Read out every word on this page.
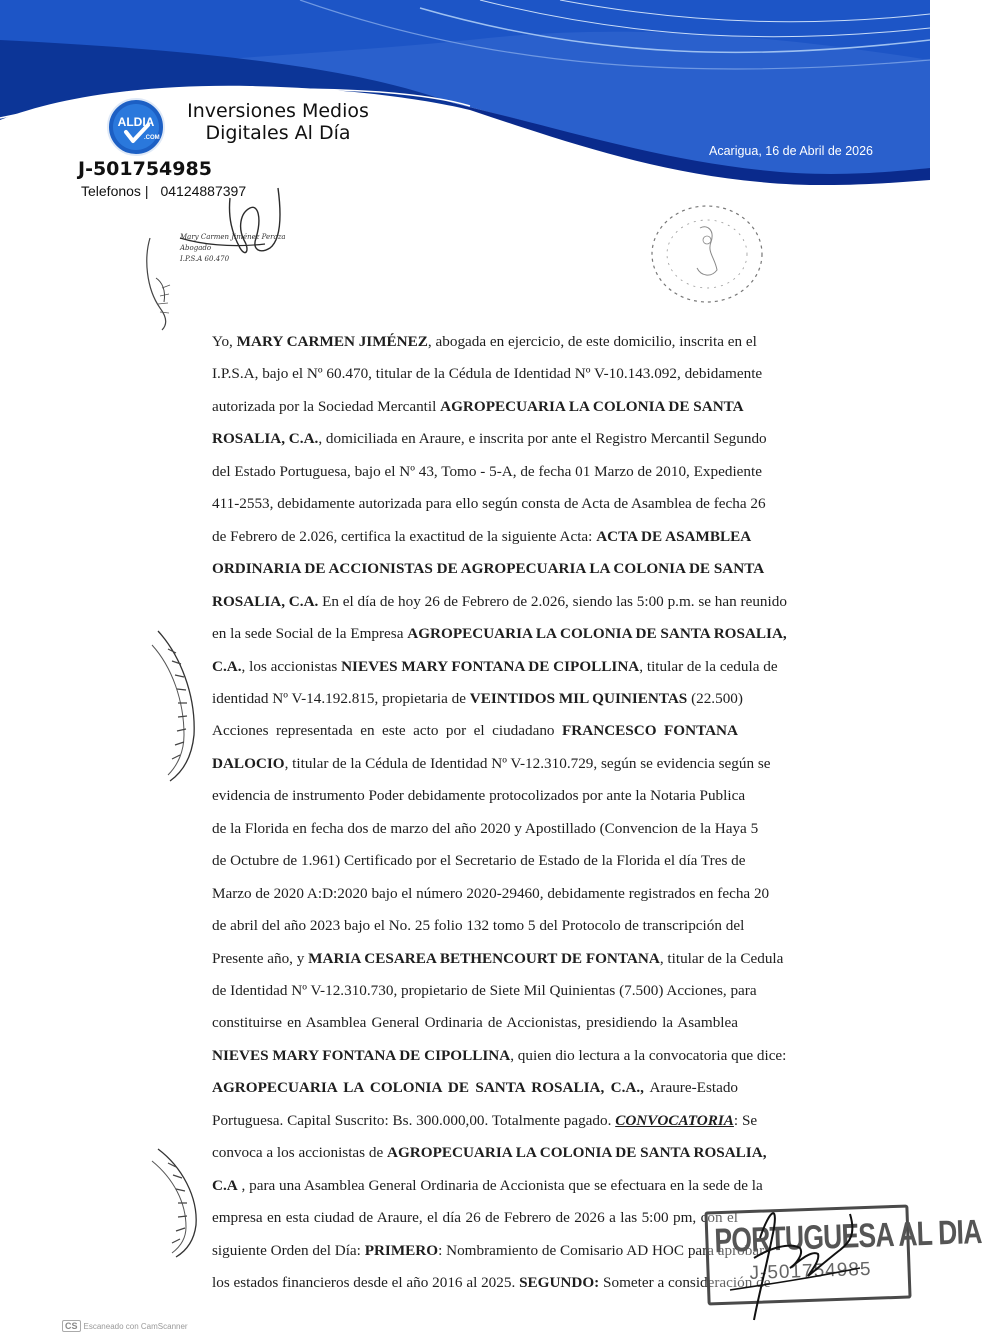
ALDIA
.COM
Inversiones Medios
Digitales Al Día
J-501754985
Telefonos | 04124887397
Acarigua, 16 de Abril de 2026
Mary Carmen Jiménez Peraza
Abogado
I.P.S.A 60.470
Yo, MARY CARMEN JIMÉNEZ, abogada en ejercicio, de este domicilio, inscrita en el
I.P.S.A, bajo el Nº 60.470, titular de la Cédula de Identidad Nº V-10.143.092, debidamente
autorizada por la Sociedad Mercantil AGROPECUARIA LA COLONIA DE SANTA
ROSALIA, C.A., domiciliada en Araure, e inscrita por ante el Registro Mercantil Segundo
del Estado Portuguesa, bajo el Nº 43, Tomo - 5-A, de fecha 01 Marzo de 2010, Expediente
411-2553, debidamente autorizada para ello según consta de Acta de Asamblea de fecha 26
de Febrero de 2.026, certifica la exactitud de la siguiente Acta: ACTA DE ASAMBLEA
ORDINARIA DE ACCIONISTAS DE AGROPECUARIA LA COLONIA DE SANTA
ROSALIA, C.A. En el día de hoy 26 de Febrero de 2.026, siendo las 5:00 p.m. se han reunido
en la sede Social de la Empresa AGROPECUARIA LA COLONIA DE SANTA ROSALIA,
C.A., los accionistas NIEVES MARY FONTANA DE CIPOLLINA, titular de la cedula de
identidad Nº V-14.192.815, propietaria de VEINTIDOS MIL QUINIENTAS (22.500)
Acciones representada en este acto por el ciudadano FRANCESCO FONTANA
DALOCIO, titular de la Cédula de Identidad Nº V-12.310.729, según se evidencia según se
evidencia de instrumento Poder debidamente protocolizados por ante la Notaria Publica
de la Florida en fecha dos de marzo del año 2020 y Apostillado (Convencion de la Haya 5
de Octubre de 1.961) Certificado por el Secretario de Estado de la Florida el día Tres de
Marzo de 2020 A:D:2020 bajo el número 2020-29460, debidamente registrados en fecha 20
de abril del año 2023 bajo el No. 25 folio 132 tomo 5 del Protocolo de transcripción del
Presente año, y MARIA CESAREA BETHENCOURT DE FONTANA, titular de la Cedula
de Identidad Nº V-12.310.730, propietario de Siete Mil Quinientas (7.500) Acciones, para
constituirse en Asamblea General Ordinaria de Accionistas, presidiendo la Asamblea
NIEVES MARY FONTANA DE CIPOLLINA, quien dio lectura a la convocatoria que dice:
AGROPECUARIA LA COLONIA DE SANTA ROSALIA, C.A., Araure-Estado
Portuguesa. Capital Suscrito: Bs. 300.000,00. Totalmente pagado. CONVOCATORIA: Se
convoca a los accionistas de AGROPECUARIA LA COLONIA DE SANTA ROSALIA,
C.A , para una Asamblea General Ordinaria de Accionista que se efectuara en la sede de la
empresa en esta ciudad de Araure, el día 26 de Febrero de 2026 a las 5:00 pm, con el
siguiente Orden del Día: PRIMERO: Nombramiento de Comisario AD HOC para aprobar
los estados financieros desde el año 2016 al 2025. SEGUNDO: Someter a consideración de
PORTUGUESA AL DIA
J-501754985
CS Escaneado con CamScanner
